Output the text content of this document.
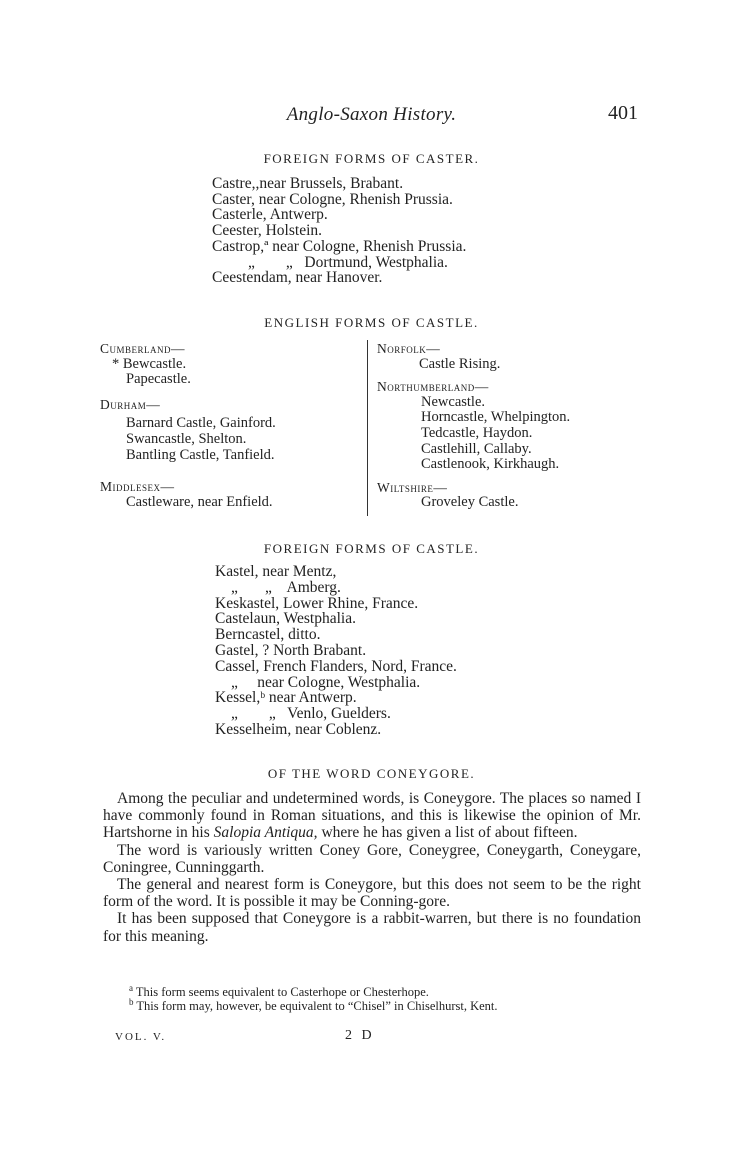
Anglo-Saxon History.	401
FOREIGN FORMS OF CASTER.
Castre,,near Brussels, Brabant.
Caster, near Cologne, Rhenish Prussia.
Casterle, Antwerp.
Ceester, Holstein.
Castrop,ª near Cologne, Rhenish Prussia.
„        „   Dortmund, Westphalia.
Ceestendam, near Hanover.
ENGLISH FORMS OF CASTLE.
Cumberland—
* Bewcastle.
Papecastle.
Durham—
Barnard Castle, Gainford.
Swancastle, Shelton.
Bantling Castle, Tanfield.
Middlesex—
Castleware, near Enfield.
Norfolk—
Castle Rising.
Northumberland—
Newcastle.
Horncastle, Whelpington.
Tedcastle, Haydon.
Castlehill, Callaby.
Castlenook, Kirkhaugh.
Wiltshire—
Groveley Castle.
FOREIGN FORMS OF CASTLE.
Kastel, near Mentz,
„       „    Amberg.
Keskastel, Lower Rhine, France.
Castelaun, Westphalia.
Berncastel, ditto.
Gastel, ? North Brabant.
Cassel, French Flanders, Nord, France.
„     near Cologne, Westphalia.
Kessel,ᵇ near Antwerp.
„        „   Venlo, Guelders.
Kesselheim, near Coblenz.
OF THE WORD CONEYGORE.

Among the peculiar and undetermined words, is Coneygore. The places so named I have commonly found in Roman situations, and this is likewise the opinion of Mr. Hartshorne in his Salopia Antiqua, where he has given a list of about fifteen.

The word is variously written Coney Gore, Coneygree, Coneygarth, Coneygare, Coningree, Cunninggarth.

The general and nearest form is Coneygore, but this does not seem to be the right form of the word. It is possible it may be Conning-gore.

It has been supposed that Coneygore is a rabbit-warren, but there is no foundation for this meaning.

$^a$ This form seems equivalent to Casterhope or Chesterhope.

$^b$ This form may, however, be equivalent to “Chisel” in Chiselhurst, Kent.

VOL. V.	2 D
